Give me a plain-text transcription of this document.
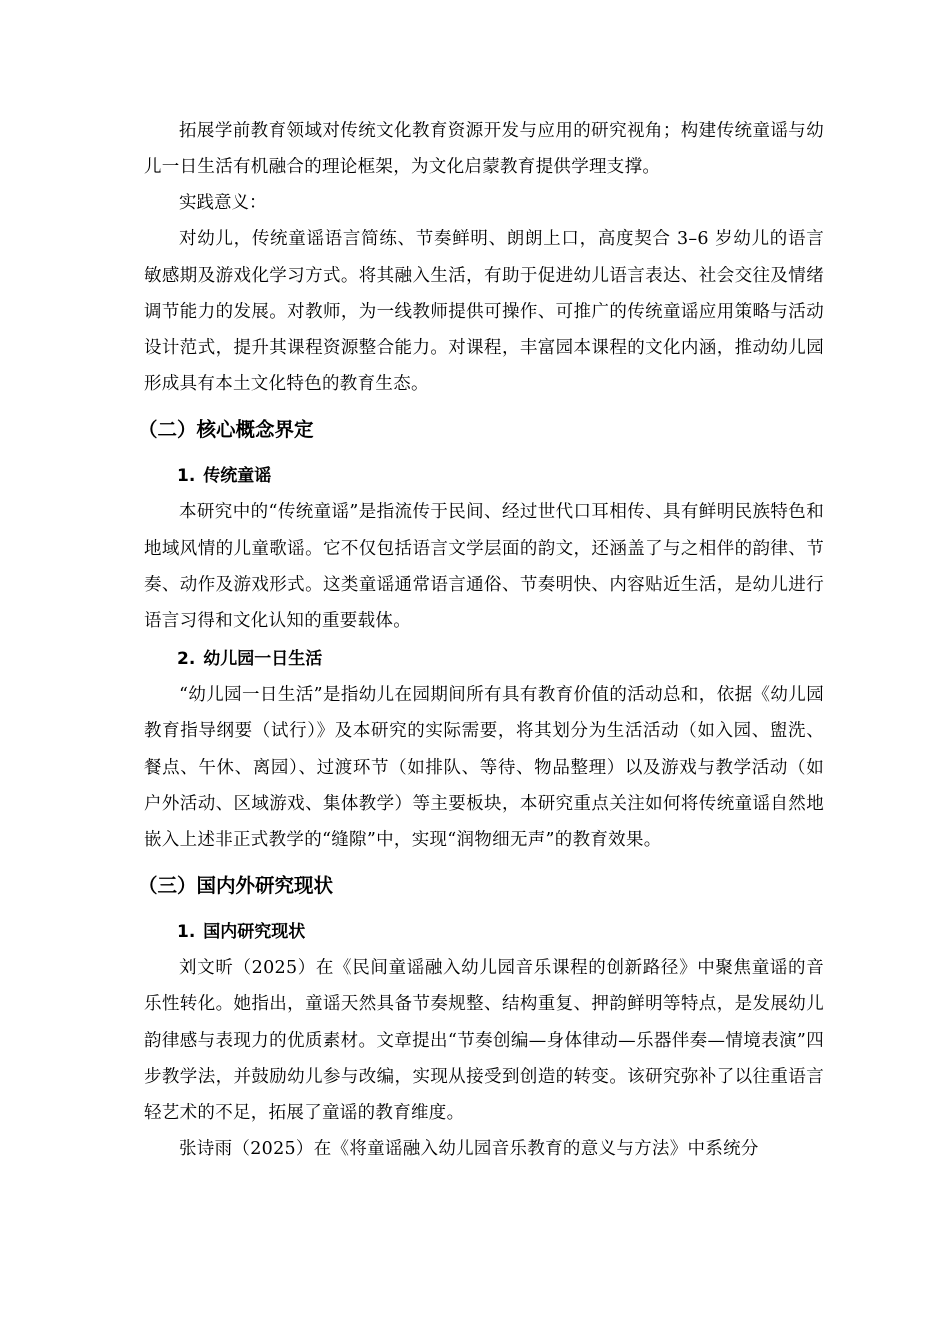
拓展学前教育领域对传统文化教育资源开发与应用的研究视角；构建传统童谣与幼儿一日生活有机融合的理论框架，为文化启蒙教育提供学理支撑。

实践意义：

对幼儿，传统童谣语言简练、节奏鲜明、朗朗上口，高度契合 3–6 岁幼儿的语言敏感期及游戏化学习方式。将其融入生活，有助于促进幼儿语言表达、社会交往及情绪调节能力的发展。对教师，为一线教师提供可操作、可推广的传统童谣应用策略与活动设计范式，提升其课程资源整合能力。对课程，丰富园本课程的文化内涵，推动幼儿园形成具有本土文化特色的教育生态。

（二）核心概念界定
1. 传统童谣

本研究中的“传统童谣”是指流传于民间、经过世代口耳相传、具有鲜明民族特色和地域风情的儿童歌谣。它不仅包括语言文学层面的韵文，还涵盖了与之相伴的韵律、节奏、动作及游戏形式。这类童谣通常语言通俗、节奏明快、内容贴近生活，是幼儿进行语言习得和文化认知的重要载体。

2. 幼儿园一日生活

“幼儿园一日生活”是指幼儿在园期间所有具有教育价值的活动总和，依据《幼儿园教育指导纲要（试行）》及本研究的实际需要，将其划分为生活活动（如入园、盥洗、餐点、午休、离园）、过渡环节（如排队、等待、物品整理）以及游戏与教学活动（如户外活动、区域游戏、集体教学）等主要板块，本研究重点关注如何将传统童谣自然地嵌入上述非正式教学的“缝隙”中，实现“润物细无声”的教育效果。

（三）国内外研究现状
1. 国内研究现状

刘文昕（2025）在《民间童谣融入幼儿园音乐课程的创新路径》中聚焦童谣的音乐性转化。她指出，童谣天然具备节奏规整、结构重复、押韵鲜明等特点，是发展幼儿韵律感与表现力的优质素材。文章提出“节奏创编—身体律动—乐器伴奏—情境表演”四步教学法，并鼓励幼儿参与改编，实现从接受到创造的转变。该研究弥补了以往重语言轻艺术的不足，拓展了童谣的教育维度。

张诗雨（2025）在《将童谣融入幼儿园音乐教育的意义与方法》中系统分
